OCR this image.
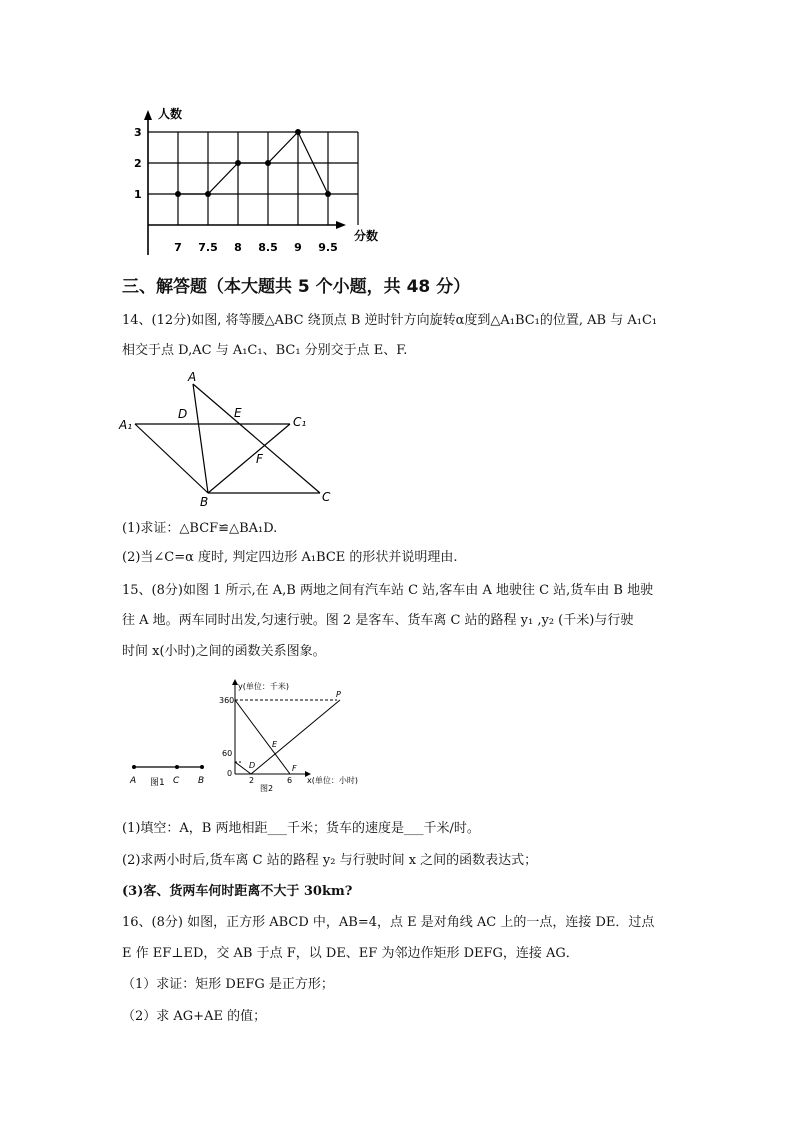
1
2
3
7 7.5 8 8.5 9 9.5
人数
分数
三、解答题（本大题共 5 个小题，共 48 分）
14、(12分)如图, 将等腰△ABC 绕顶点 B 逆时针方向旋转α度到△A₁BC₁的位置, AB 与 A₁C₁
相交于点 D,AC 与 A₁C₁、BC₁ 分别交于点 E、F.
A
D	E
A₁	C₁
F
B	C
(1)求证：△BCF≌△BA₁D.
(2)当∠C=α 度时, 判定四边形 A₁BCE 的形状并说明理由.
15、(8分)如图 1 所示,在 A,B 两地之间有汽车站 C 站,客车由 A 地驶往 C 站,货车由 B 地驶
往 A 地。两车同时出发,匀速行驶。图 2 是客车、货车离 C 站的路程 y₁ ,y₂ (千米)与行驶
时间 x(小时)之间的函数关系图象。
A	C B
图1
y(单位：千米)
360
60
0
2	6 x(单位：小时)
图2
P
E
D	F
(1)填空：A，B 两地相距___千米；货车的速度是___千米/时。
(2)求两小时后,货车离 C 站的路程 y₂ 与行驶时间 x 之间的函数表达式；
(3)客、货两车何时距离不大于 30km?
16、(8分) 如图，正方形 ABCD 中，AB=4，点 E 是对角线 AC 上的一点，连接 DE．过点
E 作 EF⊥ED，交 AB 于点 F，以 DE、EF 为邻边作矩形 DEFG，连接 AG．
（1）求证：矩形 DEFG 是正方形；
（2）求 AG+AE 的值；
